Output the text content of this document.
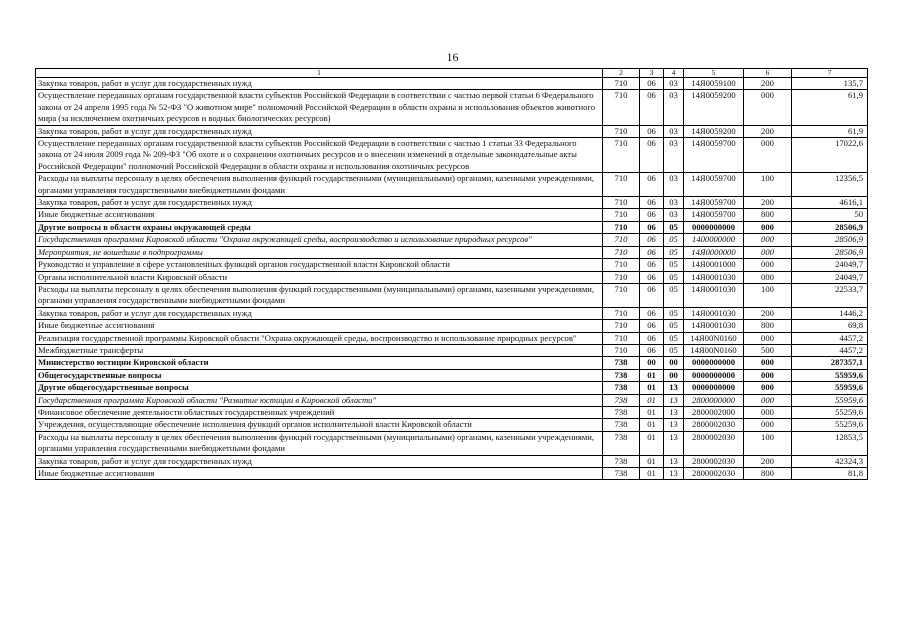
16
1	2	3	4	5	6	7
Закупка товаров, работ и услуг для государственных нужд	710	06	03	14Я0059100	200	135,7
Осуществление переданных органам государственной власти субъектов Российской Федерации в соответствии с частью первой статьи 6 Федерального закона от 24 апреля 1995 года № 52-ФЗ "О животном мире" полномочий Российской Федерации в области охраны и использования объектов животного мира (за исключением охотничьих ресурсов и водных биологических ресурсов)	710	06	03	14Я0059200	000	61,9
Закупка товаров, работ и услуг для государственных нужд	710	06	03	14Я0059200	200	61,9
Осуществление переданных органам государственной власти субъектов Российской Федерации в соответствии с частью 1 статьи 33 Федерального закона от 24 июля 2009 года № 209-ФЗ "Об охоте и о сохранении охотничьих ресурсов и о внесении изменений в отдельные законодательные акты Российской Федерации" полномочий Российской Федерации в области охраны и использования охотничьих ресурсов	710	06	03	14Я0059700	000	17022,6
Расходы на выплаты персоналу в целях обеспечения выполнения функций государственными (муниципальными) органами, казенными учреждениями, органами управления государственными внебюджетными фондами	710	06	03	14Я0059700	100	12356,5
Закупка товаров, работ и услуг для государственных нужд	710	06	03	14Я0059700	200	4616,1
Иные бюджетные ассигнования	710	06	03	14Я0059700	800	50
Другие вопросы в области охраны окружающей среды	710	06	05	0000000000	000	28506,9
Государственная программа Кировской области "Охрана окружающей среды, воспроизводство и использование природных ресурсов"	710	06	05	1400000000	000	28506,9
Мероприятия, не вошедшие в подпрограммы	710	06	05	14Я0000000	000	28506,9
Руководство и управление в сфере установленных функций органов государственной власти Кировской области	710	06	05	14Я0001000	000	24049,7
Органы исполнительной власти Кировской области	710	06	05	14Я0001030	000	24049,7
Расходы на выплаты персоналу в целях обеспечения выполнения функций государственными (муниципальными) органами, казенными учреждениями, органами управления государственными внебюджетными фондами	710	06	05	14Я0001030	100	22533,7
Закупка товаров, работ и услуг для государственных нужд	710	06	05	14Я0001030	200	1446,2
Иные бюджетные ассигнования	710	06	05	14Я0001030	800	69,8
Реализация государственной программы Кировской области "Охрана окружающей среды, воспроизводство и использование природных ресурсов"	710	06	05	14Я00N0160	000	4457,2
Межбюджетные трансферты	710	06	05	14Я00N0160	500	4457,2
Министерство юстиции Кировской области	738	00	00	0000000000	000	287357,1
Общегосударственные вопросы	738	01	00	0000000000	000	55959,6
Другие общегосударственные вопросы	738	01	13	0000000000	000	55959,6
Государственная программа Кировской области "Развитие юстиции в Кировской области"	738	01	13	2800000000	000	55959,6
Финансовое обеспечение деятельности областных государственных учреждений	738	01	13	2800002000	000	55259,6
Учреждения, осуществляющие обеспечение исполнения функций органов исполнительной власти Кировской области	738	01	13	2800002030	000	55259,6
Расходы на выплаты персоналу в целях обеспечения выполнения функций государственными (муниципальными) органами, казенными учреждениями, органами управления государственными внебюджетными фондами	738	01	13	2800002030	100	12853,5
Закупка товаров, работ и услуг для государственных нужд	738	01	13	2800002030	200	42324,3
Иные бюджетные ассигнования	738	01	13	2800002030	800	81,8
